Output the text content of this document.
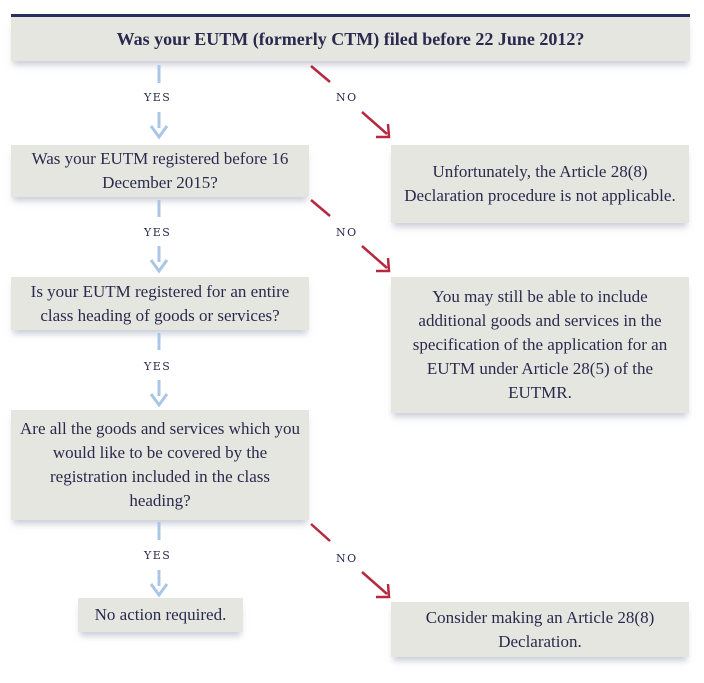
Was your EUTM (formerly CTM) filed before 22 June 2012?
Was your EUTM registered before 16 December 2015?
Is your EUTM registered for an entire class heading of goods or services?
Are all the goods and services which you would like to be covered by the registration included in the class heading?
Unfortunately, the Article 28(8) Declaration procedure is not applicable.
You may still be able to include additional goods and services in the specification of the application for an EUTM under Article 28(5) of the EUTMR.
No action required.	Consider making an Article 28(8) Declaration.
YES
YES
YES
YES
NO
NO
NO
